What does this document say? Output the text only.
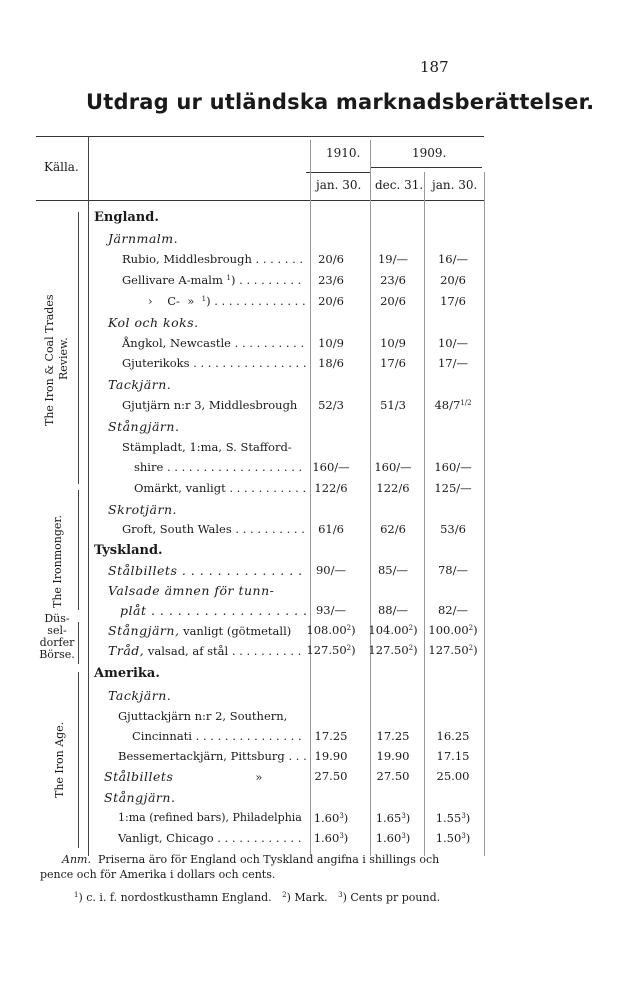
187
Utdrag ur utländska marknadsberättelser.
Källa.
1910.	1909.
jan. 30. dec. 31. jan. 30.
The Iron & Coal Trades Review.
The Ironmonger.
Düs-
sel-
dorfer
Börse.
The Iron Age.
England.
Järnmalm.
Rubio, Middlesbrough . . .	20/6	19/—	16/—
Gellivare A-malm $^1$) . . .	23/6	23/6	20/6
› C- » $^1$) . . .	20/6	20/6	17/6
Kol och koks.
Ångkol, Newcastle . . .	10/9	10/9	10/—
Gjuterikoks . . .	18/6	17/6	17/—
Tackjärn.
Gjutjärn n:r 3, Middlesbrough	52/3	51/3	$48/7^{1/2}$
Stångjärn.
Stämpladt, 1:ma, S. Stafford-
shire . . .	160/—	160/—	160/—
Omärkt, vanligt . . .	122/6	122/6	125/—
Skrotjärn.
Groft, South Wales . . .	61/6	62/6	53/6
Tyskland.
Stålbillets . . .	90/—	85/—	78/—
Valsade ämnen för tunn-
plåt . . .	93/—	88/—	82/—
Stångjärn, vanligt (götmetall) 108.00$^2$) 104.00$^2$) 100.00$^2$)
Tråd, valsad, af stål . . .	127.50$^2$) 127.50$^2$) 127.50$^2$)
Amerika.
Tackjärn.
Gjuttackjärn n:r 2, Southern,
Cincinnati . . .	17.25	17.25	16.25
Bessemertackjärn, Pittsburg . . .	19.90	19.90	17.15
Stålbillets	»	27.50	27.50	25.00
Stångjärn.
1:ma (refined bars), Philadelphia	1.60$^3$)	1.65$^3$)	1.55$^3$)
Vanligt, Chicago . . .	1.60$^3$)	1.60$^3$)	1.50$^3$)
Anm. Priserna äro för England och Tyskland angifna i shillings och
pence och för Amerika i dollars och cents.
$^1$) c. i. f. nordostkusthamn England. $^2$) Mark. $^3$) Cents pr pound.
